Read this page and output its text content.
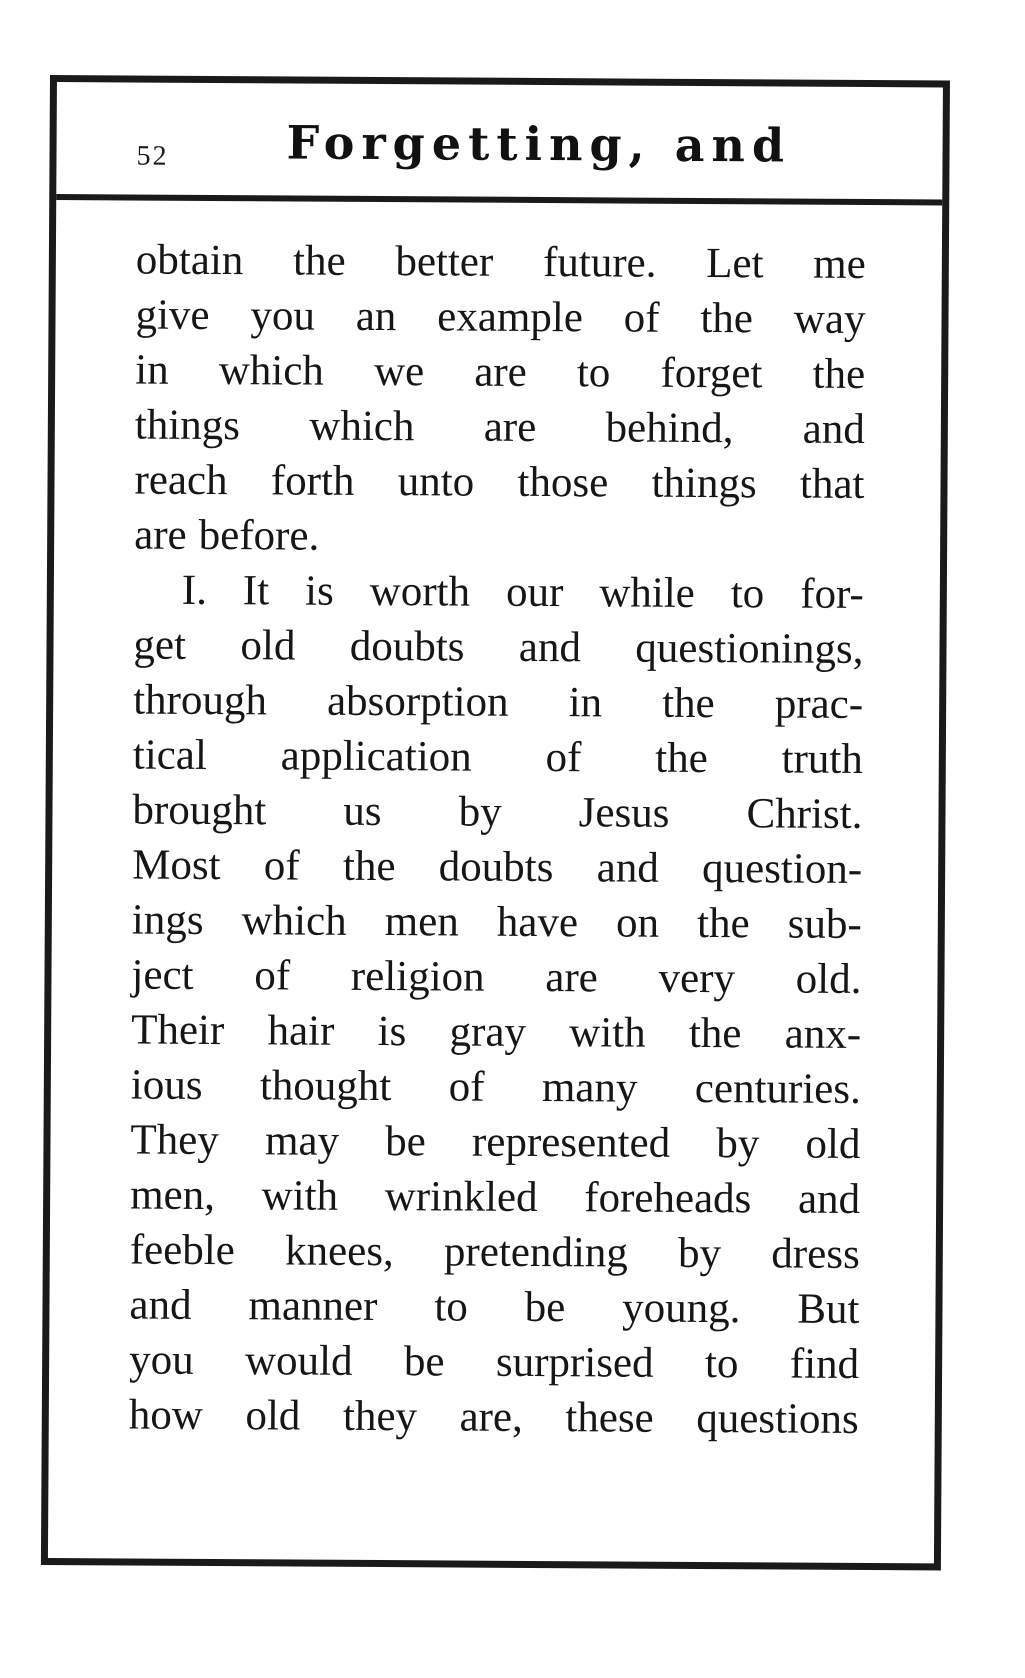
52	Forgetting, and
obtain the better future. Let me
give you an example of the way
in which we are to forget the
things which are behind, and
reach forth unto those things that
are before.
I. It is worth our while to for-
get old doubts and questionings,
through absorption in the prac-
tical application of the truth
brought us by Jesus Christ.
Most of the doubts and question-
ings which men have on the sub-
ject of religion are very old.
Their hair is gray with the anx-
ious thought of many centuries.
They may be represented by old
men, with wrinkled foreheads and
feeble knees, pretending by dress
and manner to be young. But
you would be surprised to find
how old they are, these questions
